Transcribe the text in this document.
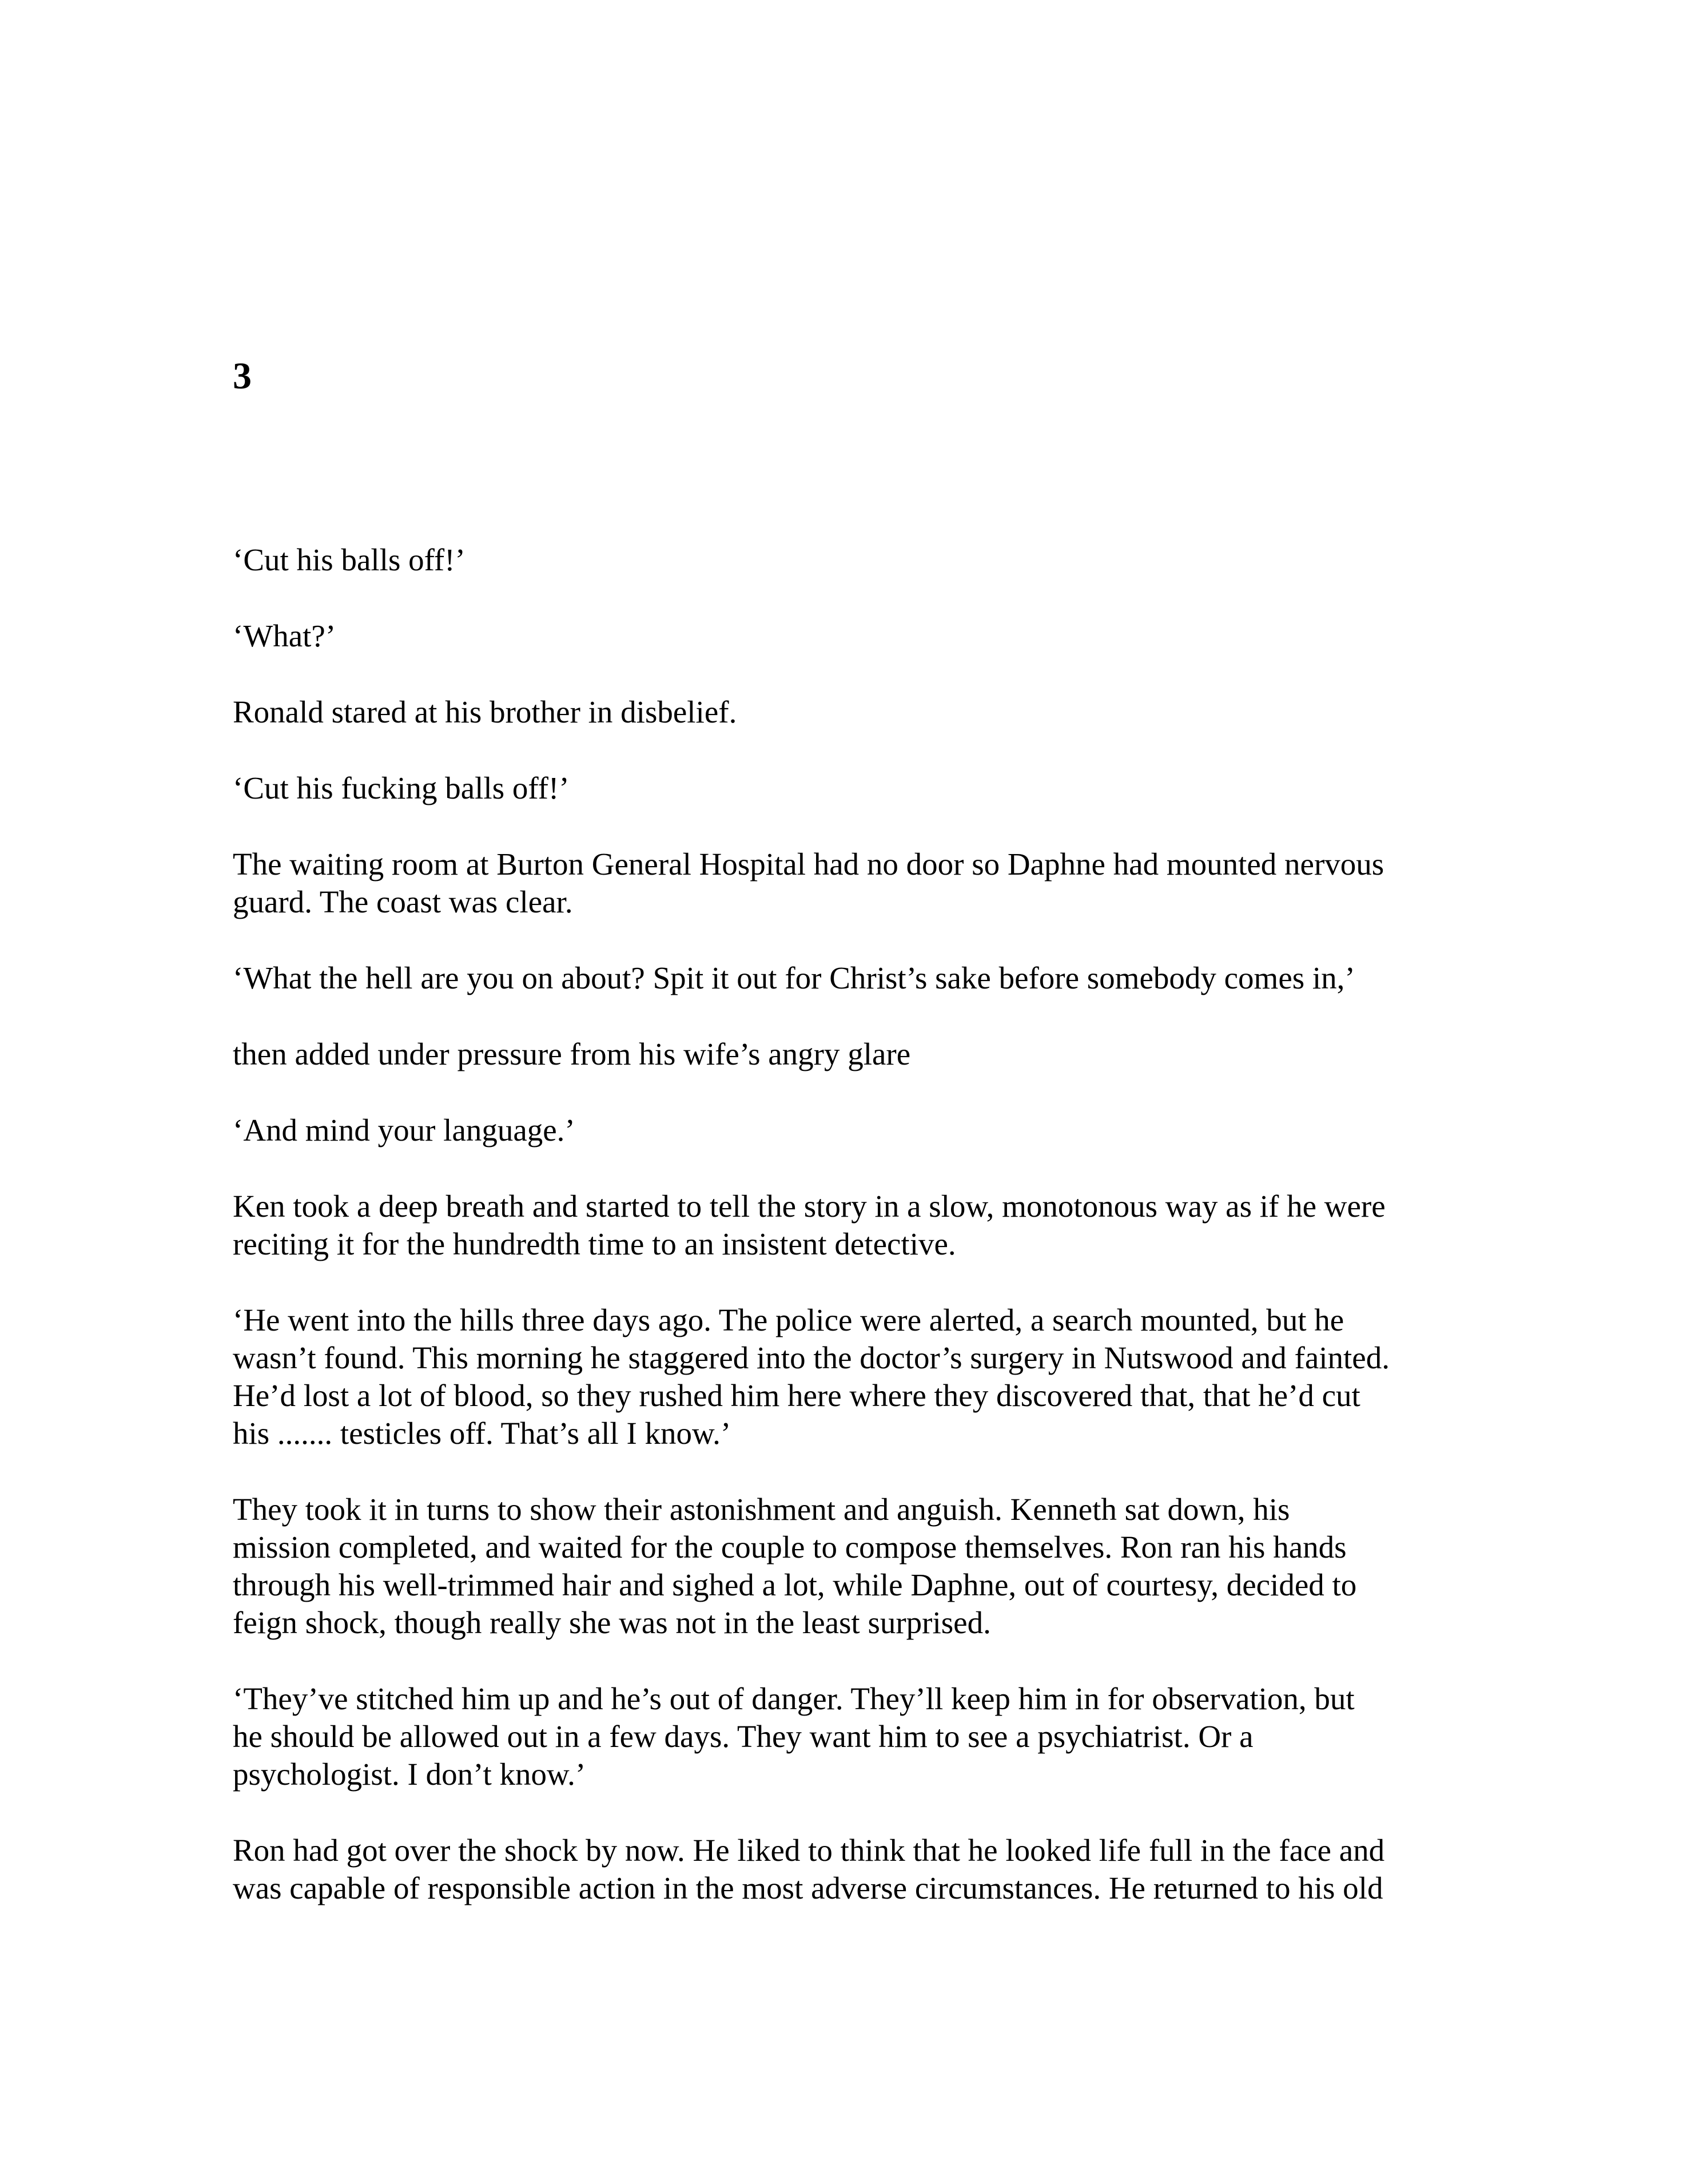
3

‘Cut his balls off!’

‘What?’

Ronald stared at his brother in disbelief.

‘Cut his fucking balls off!’

The waiting room at Burton General Hospital had no door so Daphne had mounted nervous
guard. The coast was clear.

‘What the hell are you on about? Spit it out for Christ’s sake before somebody comes in,’

then added under pressure from his wife’s angry glare

‘And mind your language.’

Ken took a deep breath and started to tell the story in a slow, monotonous way as if he were
reciting it for the hundredth time to an insistent detective.

‘He went into the hills three days ago. The police were alerted, a search mounted, but he
wasn’t found. This morning he staggered into the doctor’s surgery in Nutswood and fainted.
He’d lost a lot of blood, so they rushed him here where they discovered that, that he’d cut
his ....... testicles off. That’s all I know.’

They took it in turns to show their astonishment and anguish. Kenneth sat down, his
mission completed, and waited for the couple to compose themselves. Ron ran his hands
through his well-trimmed hair and sighed a lot, while Daphne, out of courtesy, decided to
feign shock, though really she was not in the least surprised.

‘They’ve stitched him up and he’s out of danger. They’ll keep him in for observation, but
he should be allowed out in a few days. They want him to see a psychiatrist. Or a
psychologist. I don’t know.’

Ron had got over the shock by now. He liked to think that he looked life full in the face and
was capable of responsible action in the most adverse circumstances. He returned to his old
